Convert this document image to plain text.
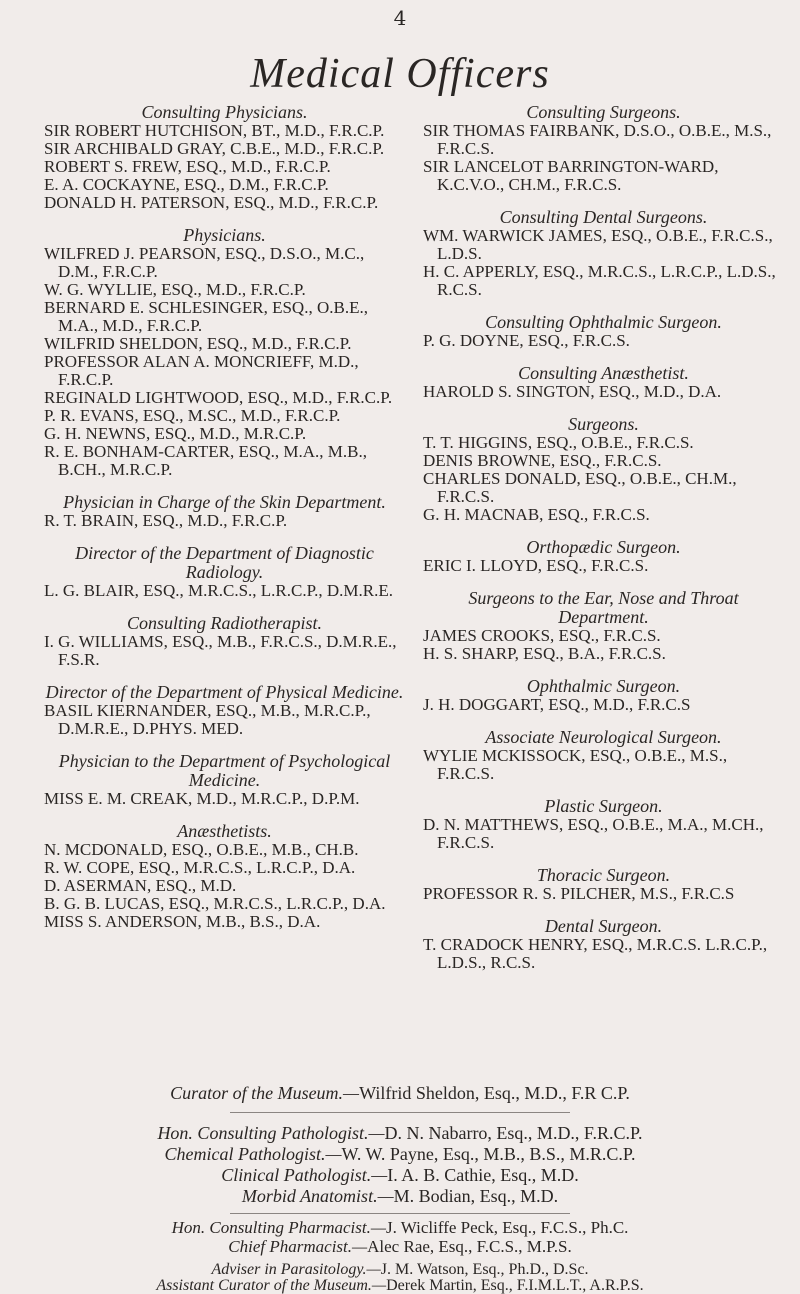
4
Medical Officers
Consulting Physicians.
SIR ROBERT HUTCHISON, BT., M.D., F.R.C.P.
SIR ARCHIBALD GRAY, C.B.E., M.D., F.R.C.P.
ROBERT S. FREW, ESQ., M.D., F.R.C.P.
E. A. COCKAYNE, ESQ., D.M., F.R.C.P.
DONALD H. PATERSON, ESQ., M.D., F.R.C.P.
Physicians.
WILFRED J. PEARSON, ESQ., D.S.O., M.C., D.M., F.R.C.P.
W. G. WYLLIE, ESQ., M.D., F.R.C.P.
BERNARD E. SCHLESINGER, ESQ., O.B.E., M.A., M.D., F.R.C.P.
WILFRID SHELDON, ESQ., M.D., F.R.C.P.
PROFESSOR ALAN A. MONCRIEFF, M.D., F.R.C.P.
REGINALD LIGHTWOOD, ESQ., M.D., F.R.C.P.
P. R. EVANS, ESQ., M.SC., M.D., F.R.C.P.
G. H. NEWNS, ESQ., M.D., M.R.C.P.
R. E. BONHAM-CARTER, ESQ., M.A., M.B., B.CH., M.R.C.P.
Physician in Charge of the Skin Department.
R. T. BRAIN, ESQ., M.D., F.R.C.P.
Director of the Department of Diagnostic Radiology.
L. G. BLAIR, ESQ., M.R.C.S., L.R.C.P., D.M.R.E.
Consulting Radiotherapist.
I. G. WILLIAMS, ESQ., M.B., F.R.C.S., D.M.R.E., F.S.R.
Director of the Department of Physical Medicine.
BASIL KIERNANDER, ESQ., M.B., M.R.C.P., D.M.R.E., D.PHYS. MED.
Physician to the Department of Psychological Medicine.
MISS E. M. CREAK, M.D., M.R.C.P., D.P.M.
Anæsthetists.
N. MCDONALD, ESQ., O.B.E., M.B., CH.B.
R. W. COPE, ESQ., M.R.C.S., L.R.C.P., D.A.
D. ASERMAN, ESQ., M.D.
B. G. B. LUCAS, ESQ., M.R.C.S., L.R.C.P., D.A.
MISS S. ANDERSON, M.B., B.S., D.A.
Consulting Surgeons.
SIR THOMAS FAIRBANK, D.S.O., O.B.E., M.S., F.R.C.S.
SIR LANCELOT BARRINGTON-WARD, K.C.V.O., CH.M., F.R.C.S.
Consulting Dental Surgeons.
WM. WARWICK JAMES, ESQ., O.B.E., F.R.C.S., L.D.S.
H. C. APPERLY, ESQ., M.R.C.S., L.R.C.P., L.D.S., R.C.S.
Consulting Ophthalmic Surgeon.
P. G. DOYNE, ESQ., F.R.C.S.
Consulting Anæsthetist.
HAROLD S. SINGTON, ESQ., M.D., D.A.
Surgeons.
T. T. HIGGINS, ESQ., O.B.E., F.R.C.S.
DENIS BROWNE, ESQ., F.R.C.S.
CHARLES DONALD, ESQ., O.B.E., CH.M., F.R.C.S.
G. H. MACNAB, ESQ., F.R.C.S.
Orthopædic Surgeon.
ERIC I. LLOYD, ESQ., F.R.C.S.
Surgeons to the Ear, Nose and Throat Department.
JAMES CROOKS, ESQ., F.R.C.S.
H. S. SHARP, ESQ., B.A., F.R.C.S.
Ophthalmic Surgeon.
J. H. DOGGART, ESQ., M.D., F.R.C.S
Associate Neurological Surgeon.
WYLIE MCKISSOCK, ESQ., O.B.E., M.S., F.R.C.S.
Plastic Surgeon.
D. N. MATTHEWS, ESQ., O.B.E., M.A., M.CH., F.R.C.S.
Thoracic Surgeon.
PROFESSOR R. S. PILCHER, M.S., F.R.C.S
Dental Surgeon.
T. CRADOCK HENRY, ESQ., M.R.C.S. L.R.C.P., L.D.S., R.C.S.
Curator of the Museum.—Wilfrid Sheldon, Esq., M.D., F.R C.P.
Hon. Consulting Pathologist.—D. N. Nabarro, Esq., M.D., F.R.C.P.
Chemical Pathologist.—W. W. Payne, Esq., M.B., B.S., M.R.C.P.
Clinical Pathologist.—I. A. B. Cathie, Esq., M.D.
Morbid Anatomist.—M. Bodian, Esq., M.D.
Hon. Consulting Pharmacist.—J. Wicliffe Peck, Esq., F.C.S., Ph.C.
Chief Pharmacist.—Alec Rae, Esq., F.C.S., M.P.S.
Adviser in Parasitology.—J. M. Watson, Esq., Ph.D., D.Sc.
Assistant Curator of the Museum.—Derek Martin, Esq., F.I.M.L.T., A.R.P.S.
